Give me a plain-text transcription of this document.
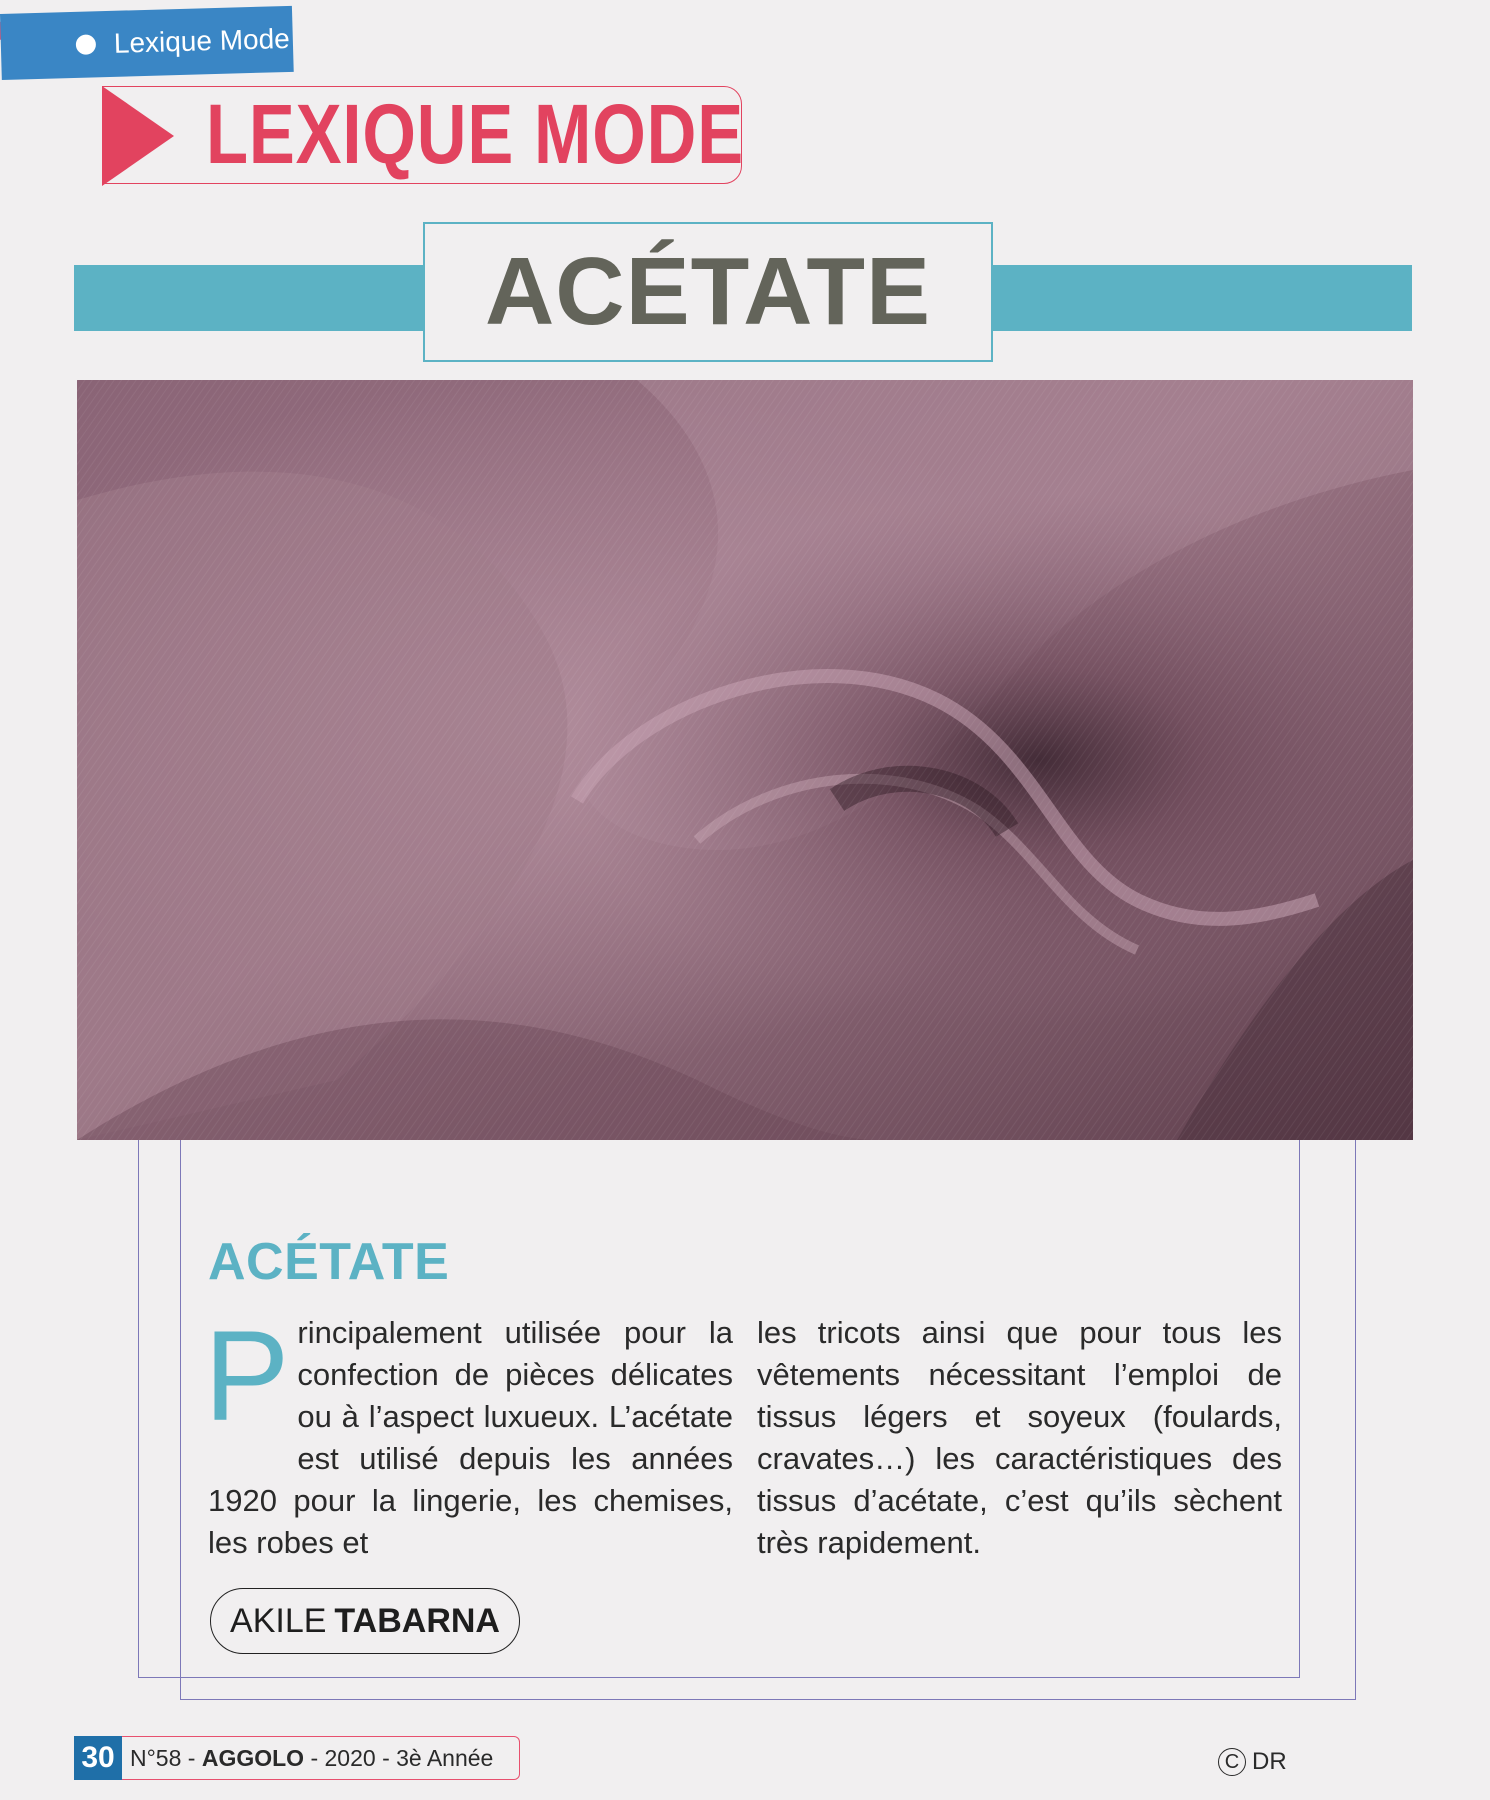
Lexique Mode
LEXIQUE MODE
ACÉTATE
ACÉTATE

Principalement utilisée pour la confection de pièces délicates ou à l’aspect luxueux. L’acétate est utilisé depuis les années 1920 pour la lingerie, les chemises, les robes et

les tricots ainsi que pour tous les vêtements nécessitant l’emploi de tissus légers et soyeux (foulards, cravates…) les caractéristiques des tissus d’acétate, c’est qu’ils sèchent très rapidement.

AKILE TABARNA
30 N°58 - AGGOLO - 2020 - 3è Année	C DR
